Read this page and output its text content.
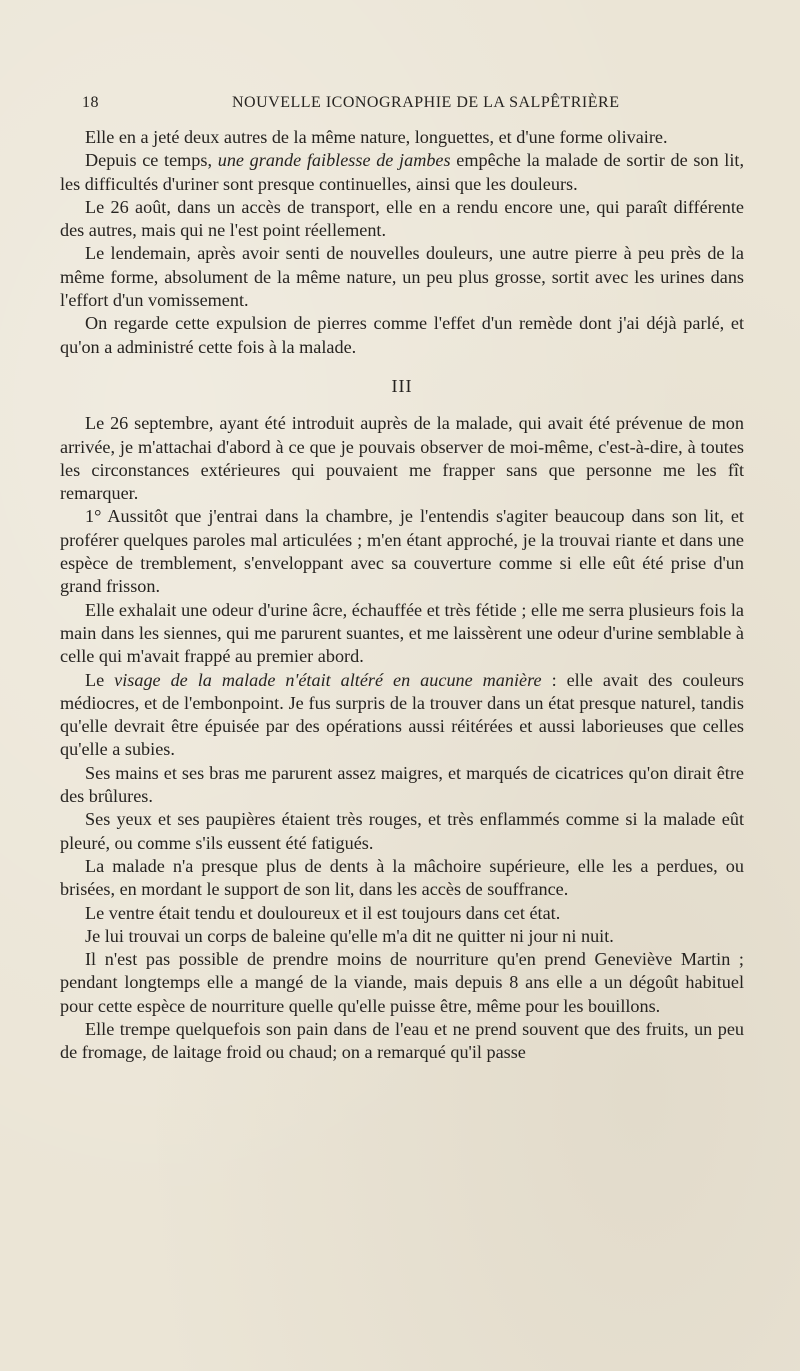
18	NOUVELLE ICONOGRAPHIE DE LA SALPÊTRIÈRE

Elle en a jeté deux autres de la même nature, longuettes, et d'une forme olivaire.

Depuis ce temps, une grande faiblesse de jambes empêche la malade de sortir de son lit, les difficultés d'uriner sont presque continuelles, ainsi que les douleurs.

Le 26 août, dans un accès de transport, elle en a rendu encore une, qui paraît différente des autres, mais qui ne l'est point réellement.

Le lendemain, après avoir senti de nouvelles douleurs, une autre pierre à peu près de la même forme, absolument de la même nature, un peu plus grosse, sortit avec les urines dans l'effort d'un vomissement.

On regarde cette expulsion de pierres comme l'effet d'un remède dont j'ai déjà parlé, et qu'on a administré cette fois à la malade.

III

Le 26 septembre, ayant été introduit auprès de la malade, qui avait été prévenue de mon arrivée, je m'attachai d'abord à ce que je pouvais observer de moi-même, c'est-à-dire, à toutes les circonstances extérieures qui pouvaient me frapper sans que personne me les fît remarquer.

1° Aussitôt que j'entrai dans la chambre, je l'entendis s'agiter beaucoup dans son lit, et proférer quelques paroles mal articulées ; m'en étant approché, je la trouvai riante et dans une espèce de tremblement, s'enveloppant avec sa couverture comme si elle eût été prise d'un grand frisson.

Elle exhalait une odeur d'urine âcre, échauffée et très fétide ; elle me serra plusieurs fois la main dans les siennes, qui me parurent suantes, et me laissèrent une odeur d'urine semblable à celle qui m'avait frappé au premier abord.

Le visage de la malade n'était altéré en aucune manière : elle avait des couleurs médiocres, et de l'embonpoint. Je fus surpris de la trouver dans un état presque naturel, tandis qu'elle devrait être épuisée par des opérations aussi réitérées et aussi laborieuses que celles qu'elle a subies.

Ses mains et ses bras me parurent assez maigres, et marqués de cicatrices qu'on dirait être des brûlures.

Ses yeux et ses paupières étaient très rouges, et très enflammés comme si la malade eût pleuré, ou comme s'ils eussent été fatigués.

La malade n'a presque plus de dents à la mâchoire supérieure, elle les a perdues, ou brisées, en mordant le support de son lit, dans les accès de souffrance.

Le ventre était tendu et douloureux et il est toujours dans cet état.

Je lui trouvai un corps de baleine qu'elle m'a dit ne quitter ni jour ni nuit.

Il n'est pas possible de prendre moins de nourriture qu'en prend Geneviève Martin ; pendant longtemps elle a mangé de la viande, mais depuis 8 ans elle a un dégoût habituel pour cette espèce de nourriture quelle qu'elle puisse être, même pour les bouillons.

Elle trempe quelquefois son pain dans de l'eau et ne prend souvent que des fruits, un peu de fromage, de laitage froid ou chaud; on a remarqué qu'il passe
